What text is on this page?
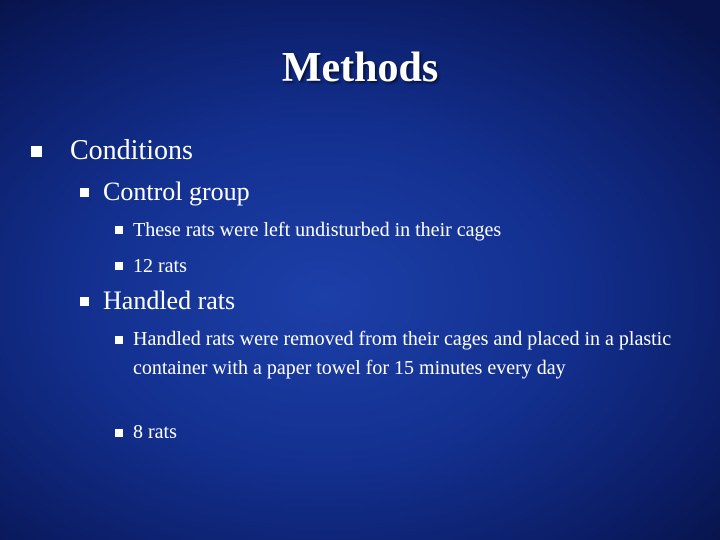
Methods
Conditions
Control group
These rats were left undisturbed in their cages
12 rats
Handled rats
Handled rats were removed from their cages and placed in a plastic container with a paper towel for 15 minutes every day
8 rats
